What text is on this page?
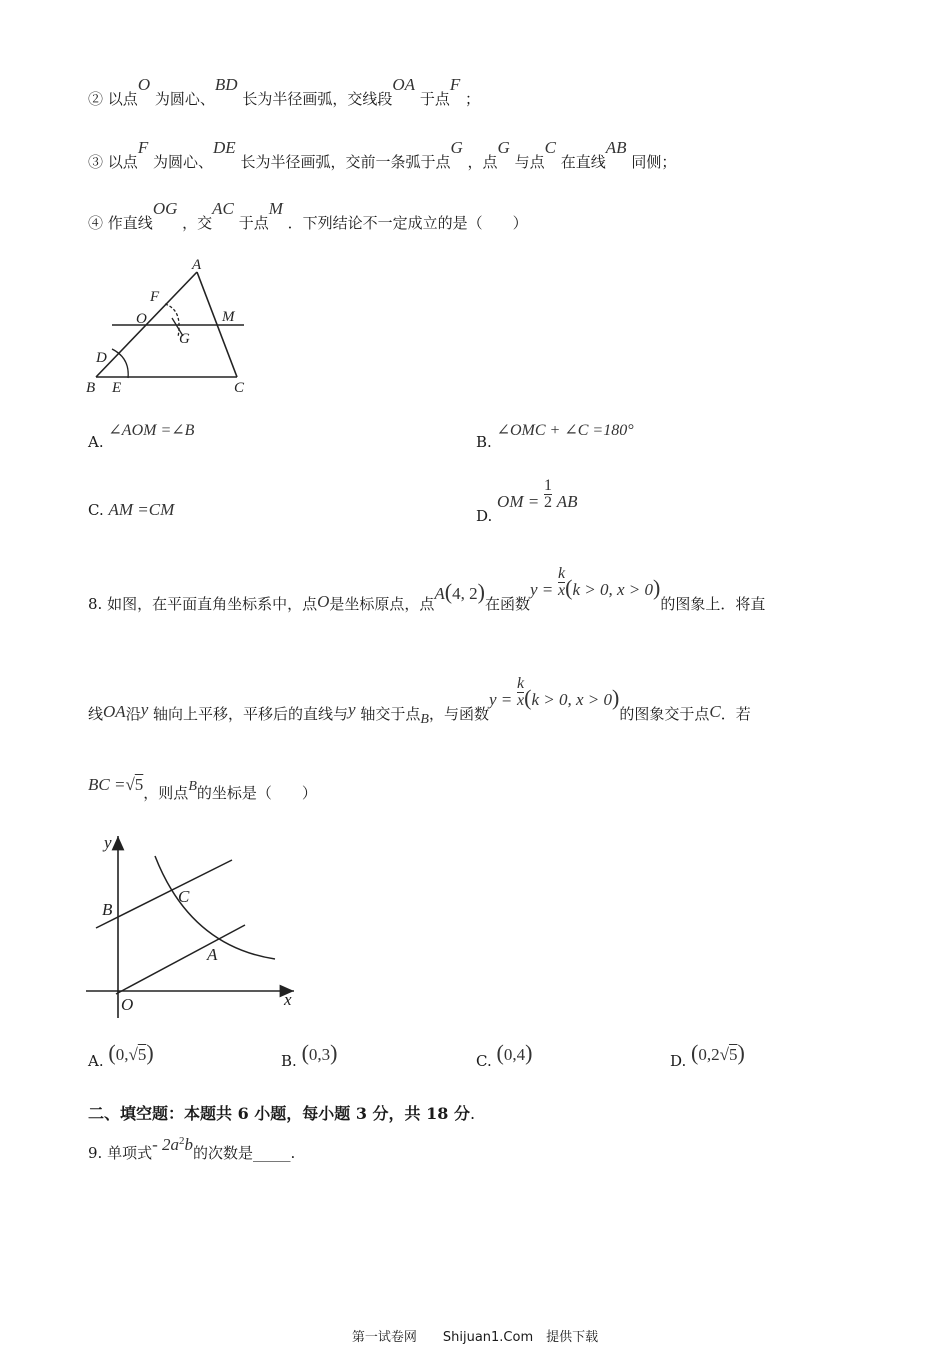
② 以点O 为圆心、BD 长为半径画弧，交线段OA 于点F ；
③ 以点F 为圆心、DE 长为半径画弧，交前一条弧于点G ，点G 与点C 在直线AB 同侧；
④ 作直线OG ，交AC 于点M ．下列结论不一定成立的是（　　）
A
F
O	M
G
D
B E	C
A. ∠AOM =∠B
B. ∠OMC + ∠C =180°
C. AM =CM	D. OM = $\frac{1}{2}$ AB
8. 如图，在平面直角坐标系中，点O是坐标原点，点A(4, 2)在函数$y = \frac{k}{x} (k > 0$, x > 0)的图象上．将直
线OA沿y 轴向上平移，平移后的直线与y 轴交于点B，与函数$y = \frac{k}{x} (k > 0$, x > 0)的图象交于点C．若
BC =√5，则点B的坐标是（　　）
y
x
O
B
C
A
A. (0,√5)	B. (0,3)	C. (0,4)	D. (0,2√5)
二、填空题：本题共 6 小题，每小题 3 分，共 18 分.
9. 单项式- $2a^2b$的次数是_____.
第一试卷网　　Shijuan1.Com　提供下载
